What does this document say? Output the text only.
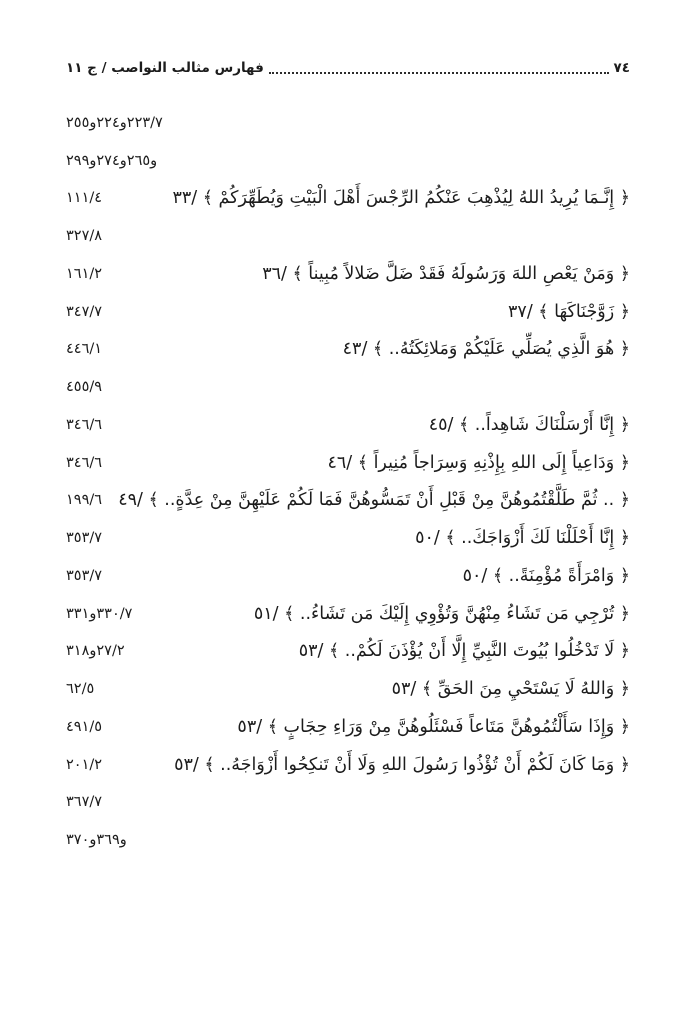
٧٤
فهارس مثالب النواصب / ج ١١
٢٢٣/٧و٢٢٤و٢٥٥
و٢٦٥و٢٧٤و٢٩٩
﴿ إِنَّـمَا يُرِيدُ اللهُ لِيُذْهِبَ عَنْكُمُ الرِّجْسَ أَهْلَ الْبَيْتِ وَيُطَهِّرَكُمْ ﴾ /٣٣
١١١/٤
٣٢٧/٨
﴿ وَمَنْ يَعْصِ اللهَ وَرَسُولَهُ فَقَدْ ضَلَّ ضَلالاً مُبِيناً ﴾ /٣٦
١٦١/٢
﴿ زَوَّجْنَاكَهَا ﴾ /٣٧
٣٤٧/٧
﴿ هُوَ الَّذِي يُصَلِّي عَلَيْكُمْ وَمَلائِكَتُهُ.. ﴾ /٤٣
٤٤٦/١
٤٥٥/٩
﴿ إِنَّا أَرْسَلْنَاكَ شَاهِداً.. ﴾ /٤٥
٣٤٦/٦
﴿ وَدَاعِياً إِلَى اللهِ بِإِذْنِهِ وَسِرَاجاً مُنِيراً ﴾ /٤٦
٣٤٦/٦
﴿ .. ثُمَّ طَلَّقْتُمُوهُنَّ مِنْ قَبْلِ أَنْ تَمَسُّوهُنَّ فَمَا لَكُمْ عَلَيْهِنَّ مِنْ عِدَّةٍ.. ﴾ /٤٩
١٩٩/٦
﴿ إِنَّا أَحْلَلْنَا لَكَ أَزْوَاجَكَ.. ﴾ /٥٠
٣٥٣/٧
﴿ وَامْرَأَةً مُؤْمِنَةً.. ﴾ /٥٠
٣٥٣/٧
﴿ تُرْجِي مَن تَشَاءُ مِنْهُنَّ وَتُؤْوِي إِلَيْكَ مَن تَشَاءُ.. ﴾ /٥١
٣٣٠/٧و٣٣١
﴿ لَا تَدْخُلُوا بُيُوتَ النَّبِيِّ إِلَّا أَنْ يُؤْذَنَ لَكُمْ.. ﴾ /٥٣
٢٧/٢و٣١٨
﴿ وَاللهُ لَا يَسْتَحْيِ مِنَ الحَقِّ ﴾ /٥٣
٦٢/٥
﴿ وَإِذَا سَأَلْتُمُوهُنَّ مَتَاعاً فَسْئَلُوهُنَّ مِنْ وَرَاءِ حِجَابٍ ﴾ /٥٣
٤٩١/٥
﴿ وَمَا كَانَ لَكُمْ أَنْ تُؤْذُوا رَسُولَ اللهِ وَلَا أَنْ تَنكِحُوا أَزْوَاجَهُ.. ﴾ /٥٣
٢٠١/٢
٣٦٧/٧
و٣٦٩و٣٧٠
